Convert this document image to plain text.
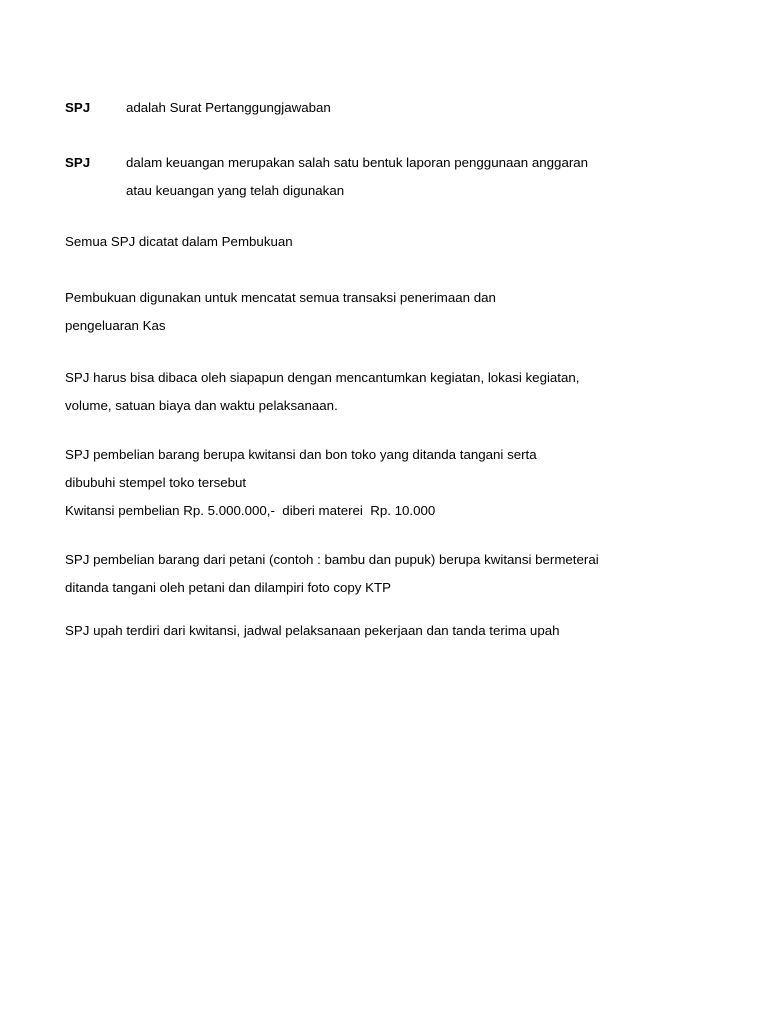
SPJ	adalah Surat Pertanggungjawaban
SPJ	dalam keuangan merupakan salah satu bentuk laporan penggunaan anggaran
atau keuangan yang telah digunakan
Semua SPJ dicatat dalam Pembukuan
Pembukuan digunakan untuk mencatat semua transaksi penerimaan dan
pengeluaran Kas
SPJ harus bisa dibaca oleh siapapun dengan mencantumkan kegiatan, lokasi kegiatan,
volume, satuan biaya dan waktu pelaksanaan.
SPJ pembelian barang berupa kwitansi dan bon toko yang ditanda tangani serta
dibubuhi stempel toko tersebut
Kwitansi pembelian Rp. 5.000.000,-  diberi materei  Rp. 10.000
SPJ pembelian barang dari petani (contoh : bambu dan pupuk) berupa kwitansi bermeterai
ditanda tangani oleh petani dan dilampiri foto copy KTP
SPJ upah terdiri dari kwitansi, jadwal pelaksanaan pekerjaan dan tanda terima upah
